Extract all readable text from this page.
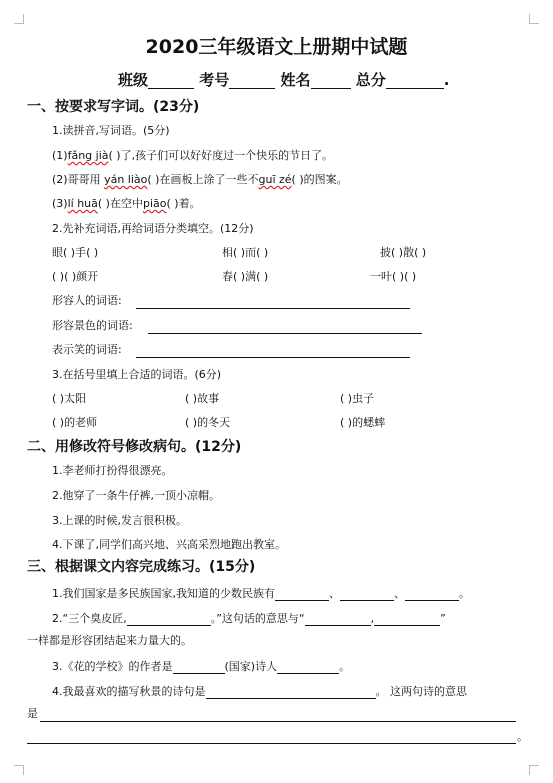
2020三年级语文上册期中试题
班级	考号	姓名	总分	.
一、按要求写字词。(23分)
1.读拼音,写词语。(5分)
(1)fǎng jià( )了,孩子们可以好好度过一个快乐的节日了。
(2)哥哥用 yán liào( )在画板上涂了一些不guī zé( )的图案。
(3)lí huā( )在空中piāo( )着。
2.先补充词语,再给词语分类填空。(12分)
眼( )手( )	相( )而( )	披( )散( )
( )( )颜开	春( )满( )	一叶( )( )
形容人的词语:
形容景色的词语:
表示笑的词语:
3.在括号里填上合适的词语。(6分)
( )太阳	( )故事	( )虫子
( )的老师	( )的冬天	( )的蟋蟀
二、用修改符号修改病句。(12分)
1.李老师打扮得很漂亮。
2.他穿了一条牛仔裤,一顶小凉帽。
3.上课的时候,发言很积极。
4.下课了,同学们高兴地、兴高采烈地跑出教室。
三、根据课文内容完成练习。(15分)
1.我们国家是多民族国家,我知道的少数民族有	、	、	。
2.“三个臭皮匠,	。”这句话的意思与“	,	”
一样都是形容团结起来力量大的。
3.《花的学校》的作者是	(国家)诗人	。
4.我最喜欢的描写秋景的诗句是	。 这两句诗的意思
是
。
